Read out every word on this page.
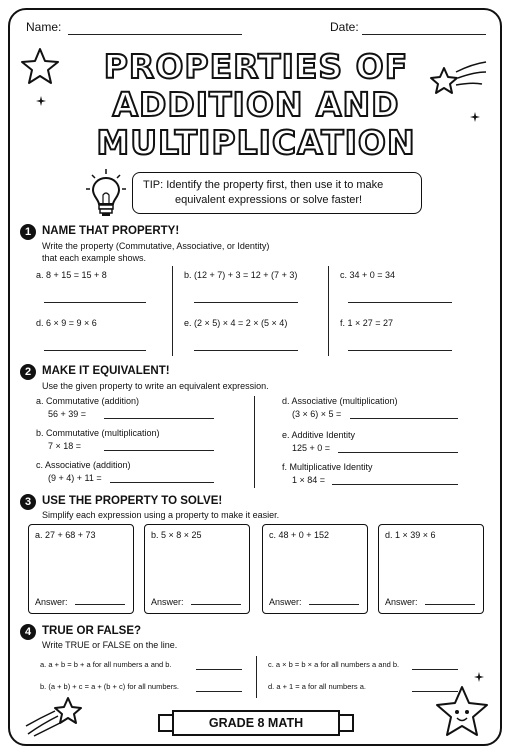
Name:	Date:
PROPERTIES OF
ADDITION AND
MULTIPLICATION
TIP: Identify the property first, then use it to make
equivalent expressions or solve faster!
1 NAME THAT PROPERTY!
Write the property (Commutative, Associative, or Identity)
that each example shows.
a. 8 + 15 = 15 + 8	b. (12 + 7) + 3 = 12 + (7 + 3)	c. 34 + 0 = 34
d. 6 × 9 = 9 × 6	e. (2 × 5) × 4 = 2 × (5 × 4)	f. 1 × 27 = 27
2 MAKE IT EQUIVALENT!
Use the given property to write an equivalent expression.
a. Commutative (addition)
56 + 39 =
b. Commutative (multiplication)
7 × 18 =
c. Associative (addition)
(9 + 4) + 11 =
d. Associative (multiplication)
(3 × 6) × 5 =
e. Additive Identity
125 + 0 =
f. Multiplicative Identity
1 × 84 =
3 USE THE PROPERTY TO SOLVE!
Simplify each expression using a property to make it easier.
a. 27 + 68 + 73
Answer:
b. 5 × 8 × 25
Answer:
c. 48 + 0 + 152
Answer:
d. 1 × 39 × 6
Answer:
4 TRUE OR FALSE?
Write TRUE or FALSE on the line.
a. a + b = b + a for all numbers a and b.
b. (a + b) + c = a + (b + c) for all numbers.
c. a × b = b × a for all numbers a and b.
d. a + 1 = a for all numbers a.
GRADE 8 MATH
